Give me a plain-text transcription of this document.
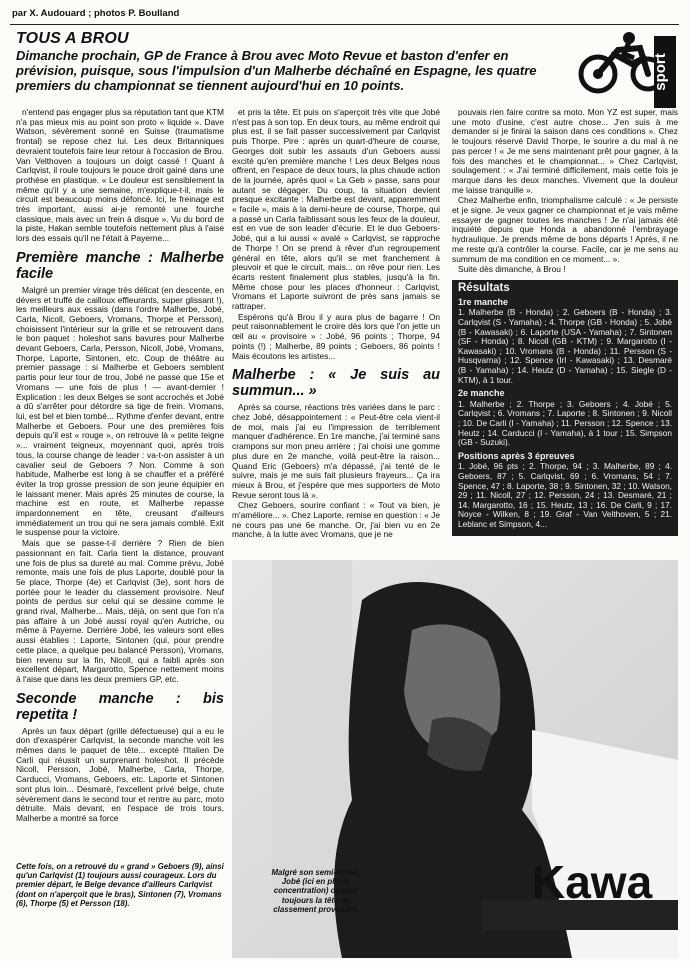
par X. Audouard ; photos P. Boulland
TOUS A BROU

Dimanche prochain, GP de France à Brou avec Moto Revue et baston d'enfer en prévision, puisque, sous l'impulsion d'un Malherbe déchaîné en Espagne, les quatre premiers du championnat se tiennent aujourd'hui en 10 points.	sport

n'entend pas engager plus sa réputation tant que KTM n'a pas mieux mis au point son proto « liquide ». Dave Watson, sévèrement sonné en Suisse (traumatisme frontal) se repose chez lui. Les deux Britanniques devraient toutefois faire leur retour à l'occasion de Brou. Van Velthoven a toujours un doigt cassé ! Quant à Carlqvist, il roule toujours le pouce droit gainé dans une prothèse en plastique. « Le douleur est sensiblement la même qu'il y a une semaine, m'explique-t-il, mais le circuit est beaucoup moins défoncé. Ici, le freinage est très important, aussi ai-je remonté une fourche classique, mais avec un frein à disque ». Vu du bord de la piste, Hakan semble toutefois nettement plus à l'aise lors des essais qu'il ne l'était à Payerne...

Première manche : Malherbe facile

Malgré un premier virage très délicat (en descente, en dévers et truffé de cailloux effleurants, super glissant !), les meilleurs aux essais (dans l'ordre Malherbe, Jobé, Carla, Nicoll, Geboers, Vromans, Thorpe et Persson), choisissent l'intérieur sur la grille et se retrouvent dans le bon paquet : holeshot sans bavures pour Malherbe devant Geboers, Carla, Persson, Nicoll, Jobé, Vromans, Thorpe, Laporte, Sintonen, etc. Coup de théâtre au premier passage : si Malherbe et Geboers semblent partis pour leur tour de trou, Jobé ne passe que 15e et Vromans — une fois de plus ! — avant-dernier ! Explication : les deux Belges se sont accrochés et Jobé a dû s'arrêter pour détordre sa tige de frein. Vromans, lui, est bel et bien tombé... Rythme d'enfer devant, entre Malherbe et Geboers. Pour une des premières fois depuis qu'il est « rouge », on retrouve là « petite teigne »... vraiment teigneux, moyennant quoi, après trois tous, la course change de leader : va-t-on assister à un cavalier seul de Geboers ? Non. Comme à son habitude, Malherbe est long à se chauffer et a préféré éviter la trop grosse pression de son jeune équipier en le laissant mener. Mais après 25 minutes de course, la machine est en route, et Malherbe repasse impardonnement en tête, creusant d'ailleurs immédiatement un trou qui ne sera jamais comblé. Exit le suspense pour la victoire.

Mais que se passe-t-il derrière ? Rien de bien passionnant en fait. Carla tient la distance, prouvant une fois de plus sa dureté au mal. Comme prévu, Jobé remonte, mais une fois de plus Laporte, doublé pour la 5e place, Thorpe (4e) et Carlqvist (3e), sont hors de portée pour le leader du classement provisoire. Neuf points de perdus sur celui qui se dessine comme le grand rival, Malherbe... Mais, déjà, on sent que l'on n'a pas affaire à un Jobé aussi royal qu'en Autriche, ou même à Payerne. Derrière Jobé, les valeurs sont elles aussi établies : Laporte, Sintonen (qui, pour prendre cette place, a quelque peu balancé Persson), Vromans, bien revenu sur la fin, Nicoll, qui a faibli après son excellent départ, Margarotto, Spence nettement moins à l'aise que dans les deux premiers GP, etc.

Seconde manche : bis repetita !

Après un faux départ (grille défectueuse) qui a eu le don d'exaspérer Carlqvist, la seconde manche voit les mêmes dans le paquet de tête... excepté l'Italien De Carli qui réussit un surprenant holeshot. Il précède Nicoll, Persson, Jobé, Malherbe, Carla, Thorpe, Carducci, Vromans, Geboers, etc. Laporte et Sintonen sont plus loin... Desmaré, l'excellent privé belge, chute sévèrement dans le second tour et rentre au parc, moto détruite. Mais devant, en l'espace de trois tours, Malherbe a montré sa force

Cette fois, on a retrouvé du « grand » Geboers (9), ainsi qu'un Carlqvist (1) toujours aussi courageux. Lors du premier départ, le Belge devance d'ailleurs Carlqvist (dont on n'aperçoit que le bras), Sintonen (7), Vromans (6), Thorpe (5) et Persson (18).

et pris la tête. Et puis on s'aperçoit très vite que Jobé n'est pas à son top. En deux tours, au même endroit qui plus est, il se fait passer successivement par Carlqvist puis Thorpe. Pire : après un quart-d'heure de course, Georges doit subir les assauts d'un Geboers aussi excité qu'en première manche ! Les deux Belges nous offrent, en l'espace de deux tours, la plus chaude action de la journée, après quoi « La Geb » passe, sans pour autant se dégager. Du coup, la situation devient presque excitante : Malherbe est devant, apparemment « facile », mais à la demi-heure de course, Thorpe, qui a passé un Carla faiblissant sous les feux de la douleur, est en vue de son leader d'écurie. Et le duo Geboers-Jobé, qui a lui aussi « avalé » Carlqvist, se rapproche de Thorpe ! On se prend à rêver d'un regroupement général en tête, alors qu'il se met franchement à pleuvoir et que le circuit, mais... on rêve pour rien. Les écarts restent finalement plus stables, jusqu'à la fin. Même chose pour les places d'honneur : Carlqvist, Vromans et Laporte suivront de près sans jamais se rattraper.

Espérons qu'à Brou il y aura plus de bagarre ! On peut raisonnablement le croire dès lors que l'on jette un œil au « provisoire » : Jobé, 96 points ; Thorpe, 94 points (!) ; Malherbe, 89 points ; Geboers, 86 points ! Mais écoutons les artistes...

Malherbe : « Je suis au summun... »

Après sa course, réactions très variées dans le parc : chez Jobé, désappointement : « Peut-être cela vient-il de moi, mais j'ai eu l'impression de terriblement manquer d'adhérence. En 1re manche, j'ai terminé sans crampons sur mon pneu arrière ; j'ai choisi une gomme plus dure en 2e manche, voilà peut-être la raison... Quand Eric (Geboers) m'a dépassé, j'ai tenté de le suivre, mais je me suis fait plusieurs frayeurs... Ça ira mieux à Brou, et j'espère que mes supporters de Moto Revue seront tous là ».

Chez Geboers, sourire confiant : « Tout va bien, je m'améliore... ». Chez Laporte, remise en question : « Je ne cours pas une 6e manche. Or, j'ai bien vu en 2e manche, à la lutte avec Vromans, que je ne

pouvais rien faire contre sa moto. Mon YZ est super, mais une moto d'usine, c'est autre chose... J'en suis à me demander si je finirai la saison dans ces conditions ». Chez le toujours réservé David Thorpe, le sourire a du mal à ne pas percer ! « Je me sens maintenant prêt pour gagner, à la fois des manches et le championnat... » Chez Carlqvist, soulagement : « J'ai terminé difficilement, mais cette fois je marque dans les deux manches. Vivement que la douleur me laisse tranquille ».

Chez Malherbe enfin, triomphalisme calculé : « Je persiste et je signe. Je veux gagner ce championnat et je vais même essayer de gagner toutes les manches ! Je n'ai jamais été inquiété depuis que Honda a abandonné l'embrayage hydraulique. Je prends même de bons départs ! Après, il ne me reste qu'à contrôler la course. Facile, car je me sens au summum de ma condition en ce moment... ».

Suite dès dimanche, à Brou !

Résultats
1re manche

1. Malherbe (B - Honda) ; 2. Geboers (B - Honda) ; 3. Carlqvist (S - Yamaha) ; 4. Thorpe (GB - Honda) ; 5. Jobé (B - Kawasaki) ; 6. Laporte (USA - Yamaha) ; 7. Sintonen (SF - Honda) ; 8. Nicoll (GB - KTM) ; 9. Margarotto (I - Kawasaki) ; 10. Vromans (B - Honda) ; 11. Persson (S - Husqvarna) ; 12. Spence (Irl - Kawasaki) ; 13. Desmaré (B - Yamaha) ; 14. Heutz (D - Yamaha) ; 15. Siegle (D - KTM), à 1 tour.

2e manche

1. Malherbe ; 2. Thorpe ; 3. Geboers ; 4. Jobé ; 5. Carlqvist ; 6. Vromans ; 7. Laporte ; 8. Sintonen ; 9. Nicoll ; 10. De Carli (I - Yamaha) ; 11. Persson ; 12. Spence ; 13. Heutz ; 14. Carducci (I - Yamaha), à 1 tour ; 15. Simpson (GB - Suzuki).

Positions après 3 épreuves

1. Jobé, 96 pts ; 2. Thorpe, 94 ; 3. Malherbe, 89 ; 4. Geboers, 87 ; 5. Carlqvist, 69 ; 6. Vromans, 54 ; 7. Spence, 47 ; 8. Laporte, 38 ; 9. Sintonen, 32 ; 10. Watson, 29 ; 11. Nicoll, 27 ; 12. Persson, 24 ; 13. Desmaré, 21 ; 14. Margarotto, 16 ; 15. Heutz, 13 ; 16. De Carli, 9 ; 17. Noyce - Wilken, 8 ; 19. Graf - Van Velthoven, 5 ; 21. Leblanc et Simpson, 4...

Kawa
Malgré son semi-échec, Jobé (ici en pleine concentration) occupe toujours la tête du classement provisoire.
